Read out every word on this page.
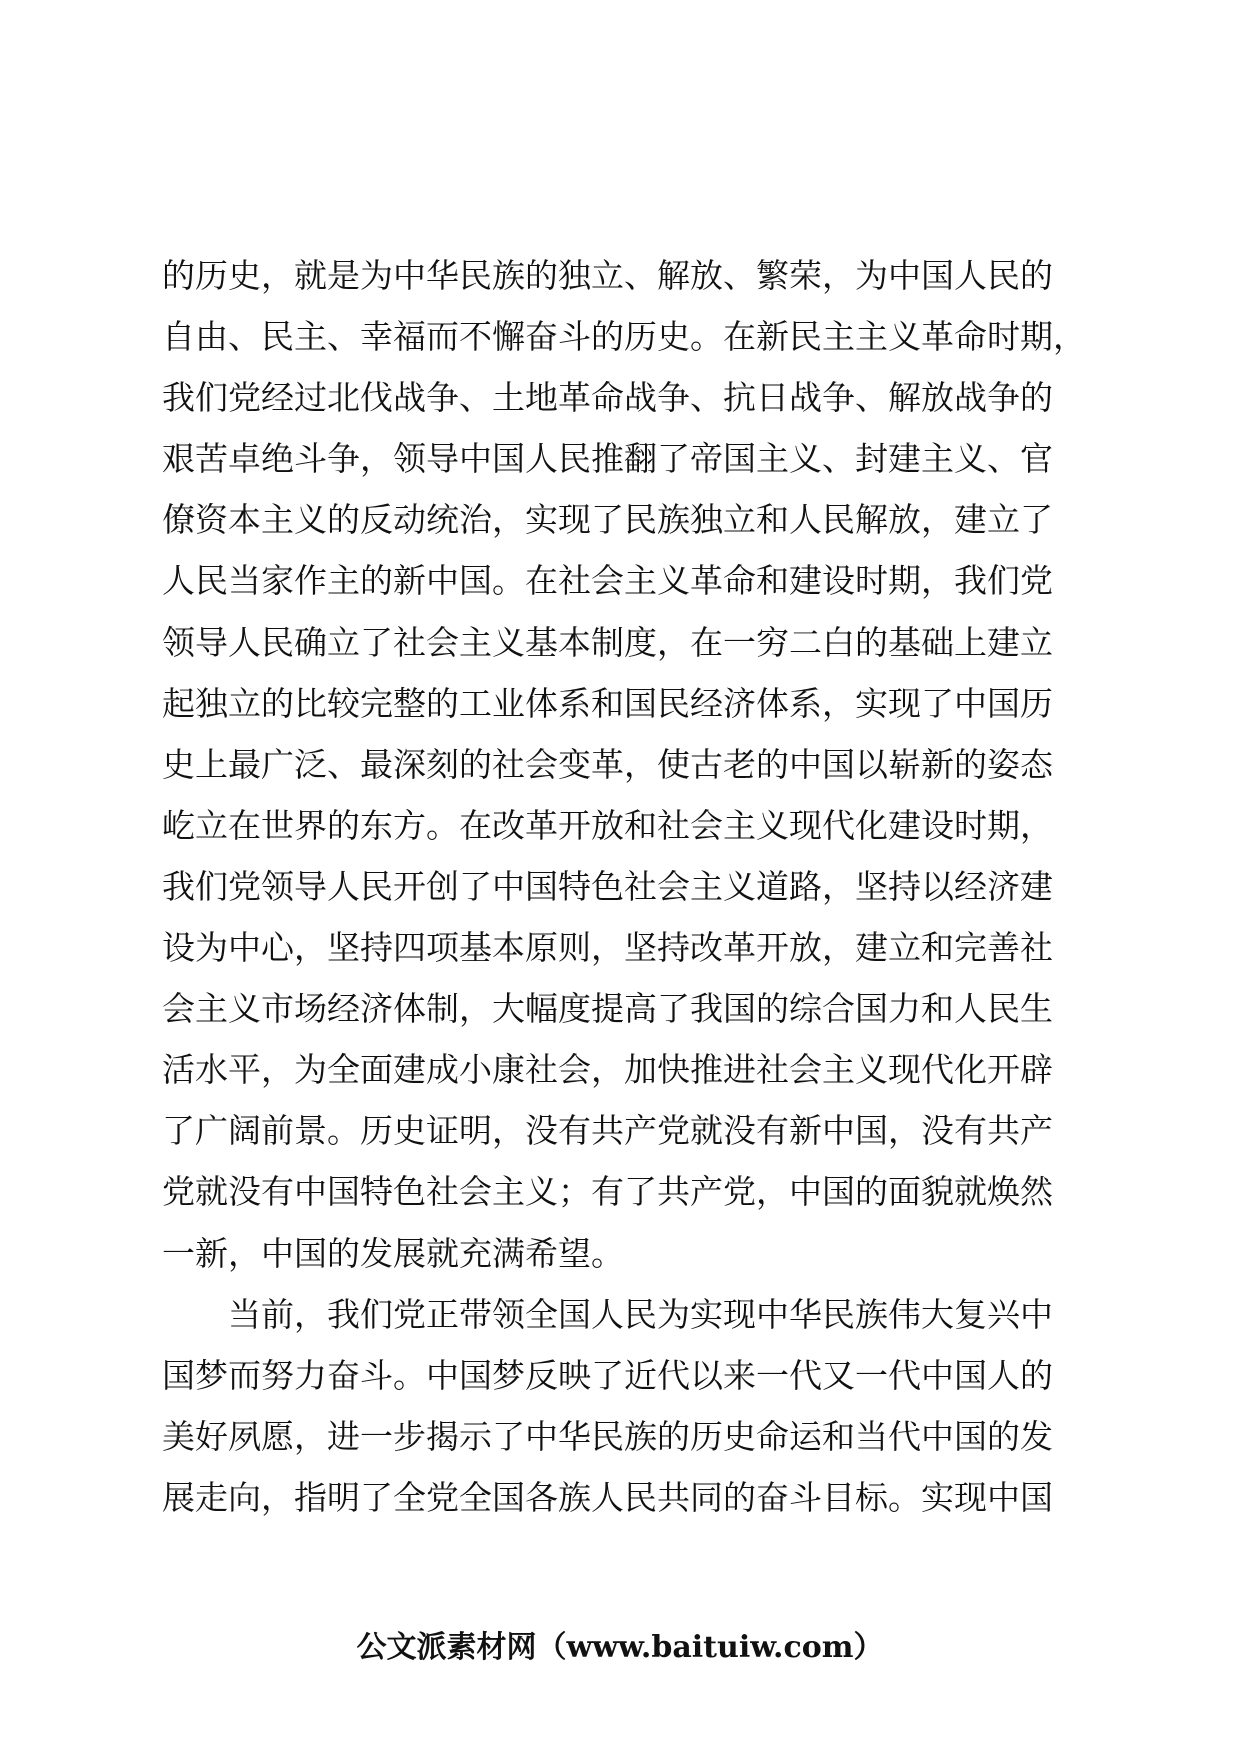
的历史，就是为中华民族的独立、解放、繁荣，为中国人民的
自由、民主、幸福而不懈奋斗的历史。在新民主主义革命时期，
我们党经过北伐战争、土地革命战争、抗日战争、解放战争的
艰苦卓绝斗争，领导中国人民推翻了帝国主义、封建主义、官
僚资本主义的反动统治，实现了民族独立和人民解放，建立了
人民当家作主的新中国。在社会主义革命和建设时期，我们党
领导人民确立了社会主义基本制度，在一穷二白的基础上建立
起独立的比较完整的工业体系和国民经济体系，实现了中国历
史上最广泛、最深刻的社会变革，使古老的中国以崭新的姿态
屹立在世界的东方。在改革开放和社会主义现代化建设时期，
我们党领导人民开创了中国特色社会主义道路，坚持以经济建
设为中心，坚持四项基本原则，坚持改革开放，建立和完善社
会主义市场经济体制，大幅度提高了我国的综合国力和人民生
活水平，为全面建成小康社会，加快推进社会主义现代化开辟
了广阔前景。历史证明，没有共产党就没有新中国，没有共产
党就没有中国特色社会主义；有了共产党，中国的面貌就焕然
一新，中国的发展就充满希望。
当前，我们党正带领全国人民为实现中华民族伟大复兴中
国梦而努力奋斗。中国梦反映了近代以来一代又一代中国人的
美好夙愿，进一步揭示了中华民族的历史命运和当代中国的发
展走向，指明了全党全国各族人民共同的奋斗目标。实现中国
公文派素材网（www.baituiw.com）
